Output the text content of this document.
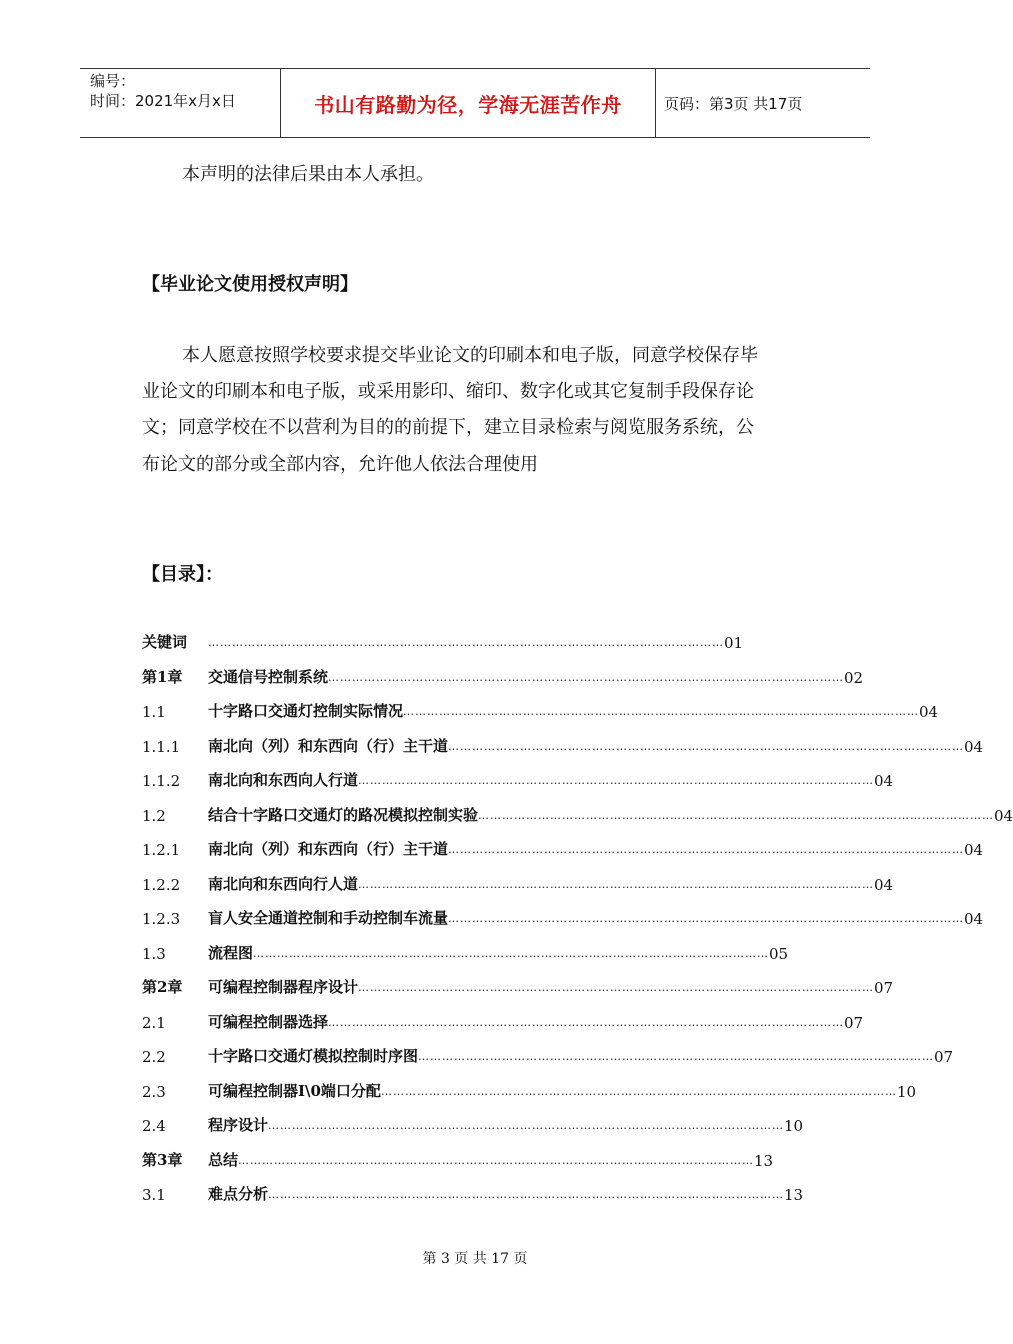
编号：
时间：2021年x月x日	书山有路勤为径，学海无涯苦作舟	页码：第3页 共17页
本声明的法律后果由本人承担。
【毕业论文使用授权声明】
本人愿意按照学校要求提交毕业论文的印刷本和电子版，同意学校保存毕
业论文的印刷本和电子版，或采用影印、缩印、数字化或其它复制手段保存论
文；同意学校在不以营利为目的的前提下，建立目录检索与阅览服务系统，公
布论文的部分或全部内容，允许他人依法合理使用
【目录】：
关键词	………………………………………………………………………………………………………………… 01
第1章	交通信号控制系统 ………………………………………………………………………………………………………………… 02
1.1	十字路口交通灯控制实际情况 ………………………………………………………………………………………………………………… 04
1.1.1	南北向（列）和东西向（行）主干道 ………………………………………………………………………………………………………………… 04
1.1.2	南北向和东西向人行道 ………………………………………………………………………………………………………………… 04
1.2	结合十字路口交通灯的路况模拟控制实验 ………………………………………………………………………………………………………………… 04
1.2.1	南北向（列）和东西向（行）主干道 ………………………………………………………………………………………………………………… 04
1.2.2	南北向和东西向行人道 ………………………………………………………………………………………………………………… 04
1.2.3	盲人安全通道控制和手动控制车流量 ………………………………………………………………………………………………………………… 04
1.3	流程图 ………………………………………………………………………………………………………………… 05
第2章	可编程控制器程序设计 ………………………………………………………………………………………………………………… 07
2.1	可编程控制器选择 ………………………………………………………………………………………………………………… 07
2.2	十字路口交通灯模拟控制时序图 ………………………………………………………………………………………………………………… 07
2.3	可编程控制器I\0端口分配 ………………………………………………………………………………………………………………… 10
2.4	程序设计 ………………………………………………………………………………………………………………… 10
第3章	总结 ………………………………………………………………………………………………………………… 13
3.1	难点分析 ………………………………………………………………………………………………………………… 13
第 3 页 共 17 页
